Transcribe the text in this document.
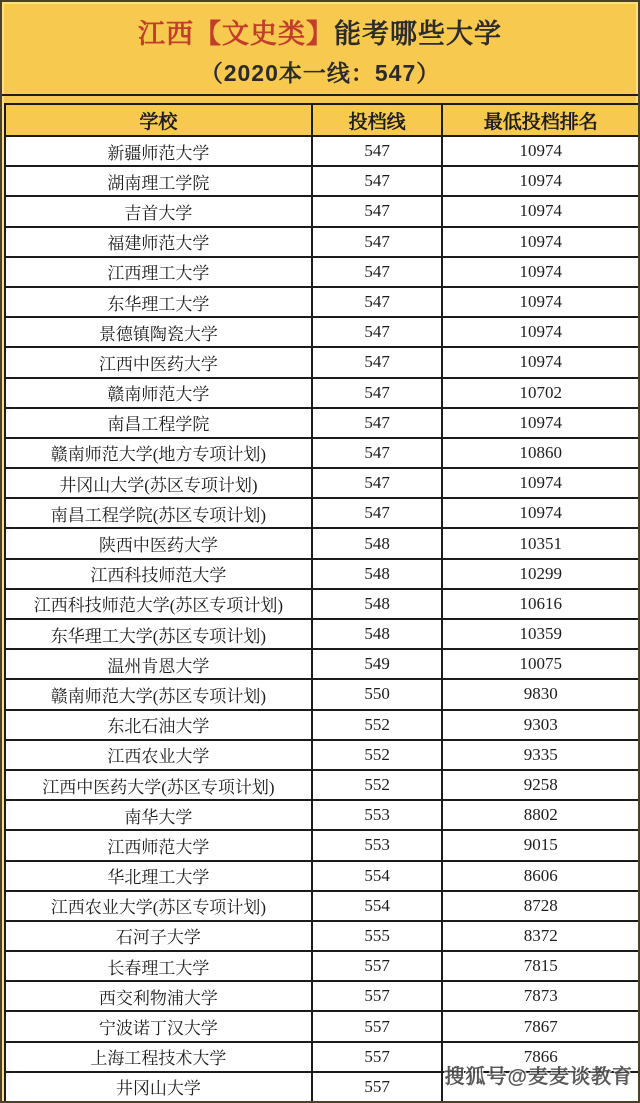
江西【文史类】能考哪些大学
（2020本一线：547）
学校	投档线	最低投档排名
新疆师范大学	547	10974
湖南理工学院	547	10974
吉首大学	547	10974
福建师范大学	547	10974
江西理工大学	547	10974
东华理工大学	547	10974
景德镇陶瓷大学	547	10974
江西中医药大学	547	10974
赣南师范大学	547	10702
南昌工程学院	547	10974
赣南师范大学(地方专项计划)	547	10860
井冈山大学(苏区专项计划)	547	10974
南昌工程学院(苏区专项计划)	547	10974
陕西中医药大学	548	10351
江西科技师范大学	548	10299
江西科技师范大学(苏区专项计划)	548	10616
东华理工大学(苏区专项计划)	548	10359
温州肯恩大学	549	10075
赣南师范大学(苏区专项计划)	550	9830
东北石油大学	552	9303
江西农业大学	552	9335
江西中医药大学(苏区专项计划)	552	9258
南华大学	553	8802
江西师范大学	553	9015
华北理工大学	554	8606
江西农业大学(苏区专项计划)	554	8728
石河子大学	555	8372
长春理工大学	557	7815
西交利物浦大学	557	7873
宁波诺丁汉大学	557	7867
上海工程技术大学	557	7866
井冈山大学	557		搜狐号@麦麦谈教育
